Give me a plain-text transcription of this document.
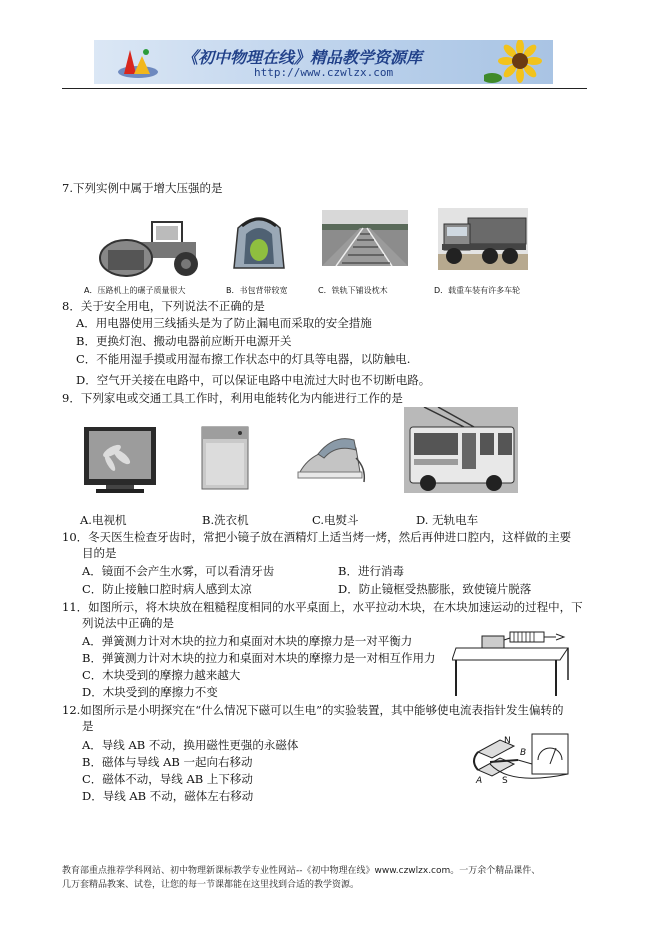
《初中物理在线》精品教学资源库
http://www.czwlzx.com
7.下列实例中属于增大压强的是
A．压路机上的碾子质量很大	B．书包背带较宽	C．铁轨下铺设枕木	D．载重车装有许多车轮
8．关于安全用电，下列说法不正确的是
A．用电器使用三线插头是为了防止漏电而采取的安全措施
B．更换灯泡、搬动电器前应断开电源开关
C．不能用湿手摸或用湿布擦工作状态中的灯具等电器，以防触电.
D．空气开关接在电路中，可以保证电路中电流过大时也不切断电路。
9．下列家电或交通工具工作时，利用电能转化为内能进行工作的是
A.电视机	B.洗衣机	C.电熨斗	D. 无轨电车
10．冬天医生检查牙齿时，常把小镜子放在酒精灯上适当烤一烤，然后再伸进口腔内，这样做的主要
目的是
A．镜面不会产生水雾，可以看清牙齿	B．进行消毒
C．防止接触口腔时病人感到太凉	D．防止镜框受热膨胀，致使镜片脱落
11．如图所示，将木块放在粗糙程度相同的水平桌面上，水平拉动木块，在木块加速运动的过程中，下
列说法中正确的是
A．弹簧测力计对木块的拉力和桌面对木块的摩擦力是一对平衡力
B．弹簧测力计对木块的拉力和桌面对木块的摩擦力是一对相互作用力
C．木块受到的摩擦力越来越大
D．木块受到的摩擦力不变
12.如图所示是小明探究在“什么情况下磁可以生电”的实验装置，其中能够使电流表指针发生偏转的
是
A．导线 AB 不动，换用磁性更强的永磁体
B．磁体与导线 AB 一起向右移动
C．磁体不动，导线 AB 上下移动
D．导线 AB 不动，磁体左右移动
N
S
A
B
教育部重点推荐学科网站、初中物理新课标教学专业性网站--《初中物理在线》www.czwlzx.com。一万余个精品课件、
几万套精品教案、试卷，让您的每一节课都能在这里找到合适的教学资源。
